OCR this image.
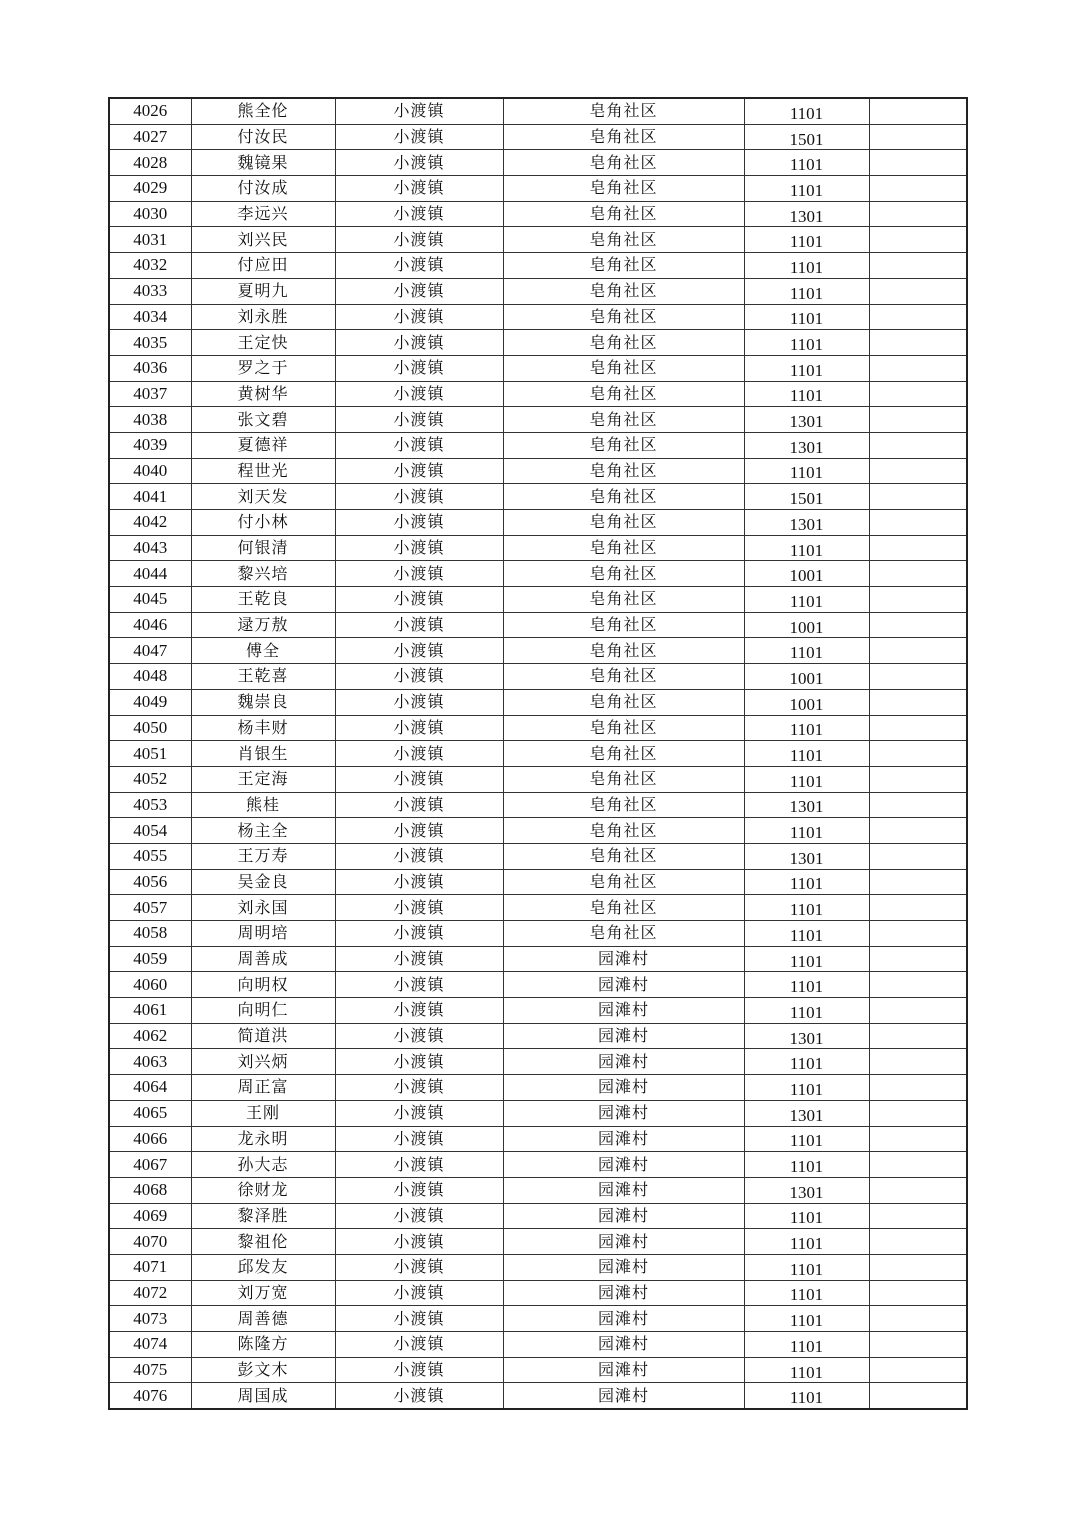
4026	熊全伦	小渡镇	皂角社区	1101	
4027	付汝民	小渡镇	皂角社区	1501	
4028	魏镜果	小渡镇	皂角社区	1101	
4029	付汝成	小渡镇	皂角社区	1101	
4030	李远兴	小渡镇	皂角社区	1301	
4031	刘兴民	小渡镇	皂角社区	1101	
4032	付应田	小渡镇	皂角社区	1101	
4033	夏明九	小渡镇	皂角社区	1101	
4034	刘永胜	小渡镇	皂角社区	1101	
4035	王定快	小渡镇	皂角社区	1101	
4036	罗之于	小渡镇	皂角社区	1101	
4037	黄树华	小渡镇	皂角社区	1101	
4038	张文碧	小渡镇	皂角社区	1301	
4039	夏德祥	小渡镇	皂角社区	1301	
4040	程世光	小渡镇	皂角社区	1101	
4041	刘天发	小渡镇	皂角社区	1501	
4042	付小林	小渡镇	皂角社区	1301	
4043	何银清	小渡镇	皂角社区	1101	
4044	黎兴培	小渡镇	皂角社区	1001	
4045	王乾良	小渡镇	皂角社区	1101	
4046	逯万敖	小渡镇	皂角社区	1001	
4047	傅全	小渡镇	皂角社区	1101	
4048	王乾喜	小渡镇	皂角社区	1001	
4049	魏崇良	小渡镇	皂角社区	1001	
4050	杨丰财	小渡镇	皂角社区	1101	
4051	肖银生	小渡镇	皂角社区	1101	
4052	王定海	小渡镇	皂角社区	1101	
4053	熊桂	小渡镇	皂角社区	1301	
4054	杨主全	小渡镇	皂角社区	1101	
4055	王万寿	小渡镇	皂角社区	1301	
4056	吴金良	小渡镇	皂角社区	1101	
4057	刘永国	小渡镇	皂角社区	1101	
4058	周明培	小渡镇	皂角社区	1101	
4059	周善成	小渡镇	园滩村	1101	
4060	向明权	小渡镇	园滩村	1101	
4061	向明仁	小渡镇	园滩村	1101	
4062	简道洪	小渡镇	园滩村	1301	
4063	刘兴炳	小渡镇	园滩村	1101	
4064	周正富	小渡镇	园滩村	1101	
4065	王刚	小渡镇	园滩村	1301	
4066	龙永明	小渡镇	园滩村	1101	
4067	孙大志	小渡镇	园滩村	1101	
4068	徐财龙	小渡镇	园滩村	1301	
4069	黎泽胜	小渡镇	园滩村	1101	
4070	黎祖伦	小渡镇	园滩村	1101	
4071	邱发友	小渡镇	园滩村	1101	
4072	刘万宽	小渡镇	园滩村	1101	
4073	周善德	小渡镇	园滩村	1101	
4074	陈隆方	小渡镇	园滩村	1101	
4075	彭文木	小渡镇	园滩村	1101	
4076	周国成	小渡镇	园滩村	1101	
